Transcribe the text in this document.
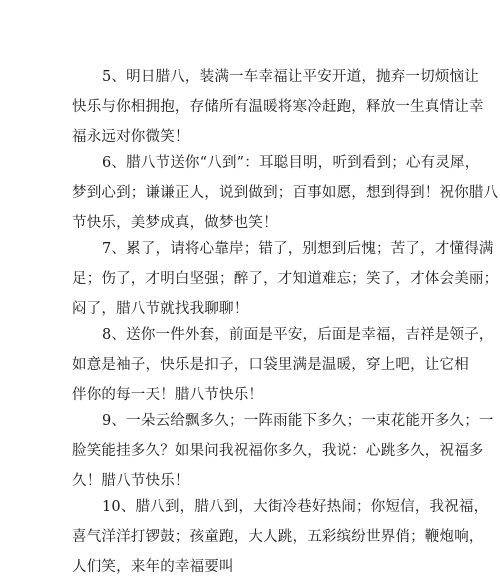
5、明日腊八，装满一车幸福让平安开道，抛弃一切烦恼让
快乐与你相拥抱，存储所有温暖将寒冷赶跑，释放一生真情让幸
福永远对你微笑！
6、腊八节送你“八到”：耳聪目明，听到看到；心有灵犀，
梦到心到；谦谦正人，说到做到；百事如愿，想到得到！祝你腊八
节快乐，美梦成真，做梦也笑！
7、累了，请将心靠岸；错了，别想到后愧；苦了，才懂得满
足；伤了，才明白坚强；醉了，才知道难忘；笑了，才体会美丽；
闷了，腊八节就找我聊聊！
8、送你一件外套，前面是平安，后面是幸福，吉祥是领子，
如意是袖子，快乐是扣子，口袋里满是温暖，穿上吧，让它相
伴你的每一天！腊八节快乐！
9、一朵云给飘多久；一阵雨能下多久；一束花能开多久；一
脸笑能挂多久？如果问我祝福你多久，我说：心跳多久，祝福多
久！腊八节快乐！
10、腊八到，腊八到，大街冷巷好热闹；你短信，我祝福，
喜气洋洋打锣鼓；孩童跑，大人跳，五彩缤纷世界俏；鞭炮响，
人们笑，来年的幸福要叫
